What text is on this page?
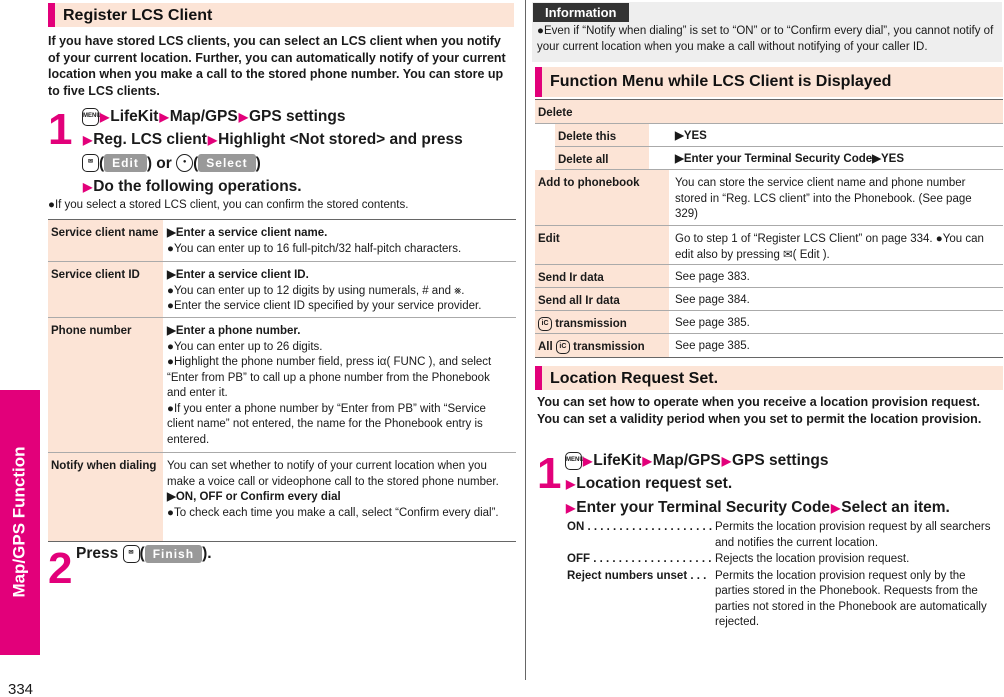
Map/GPS Function
334
Register LCS Client
If you have stored LCS clients, you can select an LCS client when you notify of your current location. Further, you can automatically notify of your current location when you make a call to the stored phone number. You can store up to five LCS clients.
1 MENU▶LifeKit▶Map/GPS▶GPS settings
▶Reg. LCS client▶Highlight <Not stored> and press
✉ ( Edit ) or ● ( Select )
▶Do the following operations.
●If you select a stored LCS client, you can confirm the stored contents.
Service client name ▶Enter a service client name.
●You can enter up to 16 full-pitch/32 half-pitch characters.
Service client ID	▶Enter a service client ID.
●You can enter up to 12 digits by using numerals, # and ⨳.
●Enter the service client ID specified by your service provider.
Phone number	▶Enter a phone number.
●You can enter up to 26 digits.
●Highlight the phone number field, press iα( FUNC ), and select “Enter from PB” to call up a phone number from the Phonebook and enter it.
●If you enter a phone number by “Enter from PB” with “Service client name” not entered, the name for the Phonebook entry is entered.
Notify when dialing You can set whether to notify of your current location when you make a voice call or videophone call to the stored phone number.
▶ON, OFF or Confirm every dial
●To check each time you make a call, select “Confirm every dial”.
2 Press ✉ ( Finish ).
Information
●Even if “Notify when dialing” is set to “ON” or to “Confirm every dial”, you cannot notify of your current location when you make a call without notifying of your caller ID.
Function Menu while LCS Client is Displayed
Delete
Delete this	▶YES
Delete all	▶Enter your Terminal Security Code▶YES
Add to phonebook	You can store the service client name and phone number stored in “Reg. LCS client” into the Phonebook. (See page 329)
Edit	Go to step 1 of “Register LCS Client” on page 334. ●You can edit also by pressing ✉( Edit ).
Send Ir data	See page 383.
Send all Ir data	See page 384.
iC transmission	See page 385.
All iC transmission	See page 385.
Location Request Set.
You can set how to operate when you receive a location provision request. You can set a validity period when you set to permit the location provision.
1 MENU▶LifeKit▶Map/GPS▶GPS settings
▶Location request set.
▶Enter your Terminal Security Code▶Select an item.
ON . . . . . . . . . . . . . . . . . . . . Permits the location provision request by all searchers and notifies the current location.
OFF . . . . . . . . . . . . . . . . . . . Rejects the location provision request.
Reject numbers unset . . . Permits the location provision request only by the parties stored in the Phonebook. Requests from the parties not stored in the Phonebook are automatically rejected.
